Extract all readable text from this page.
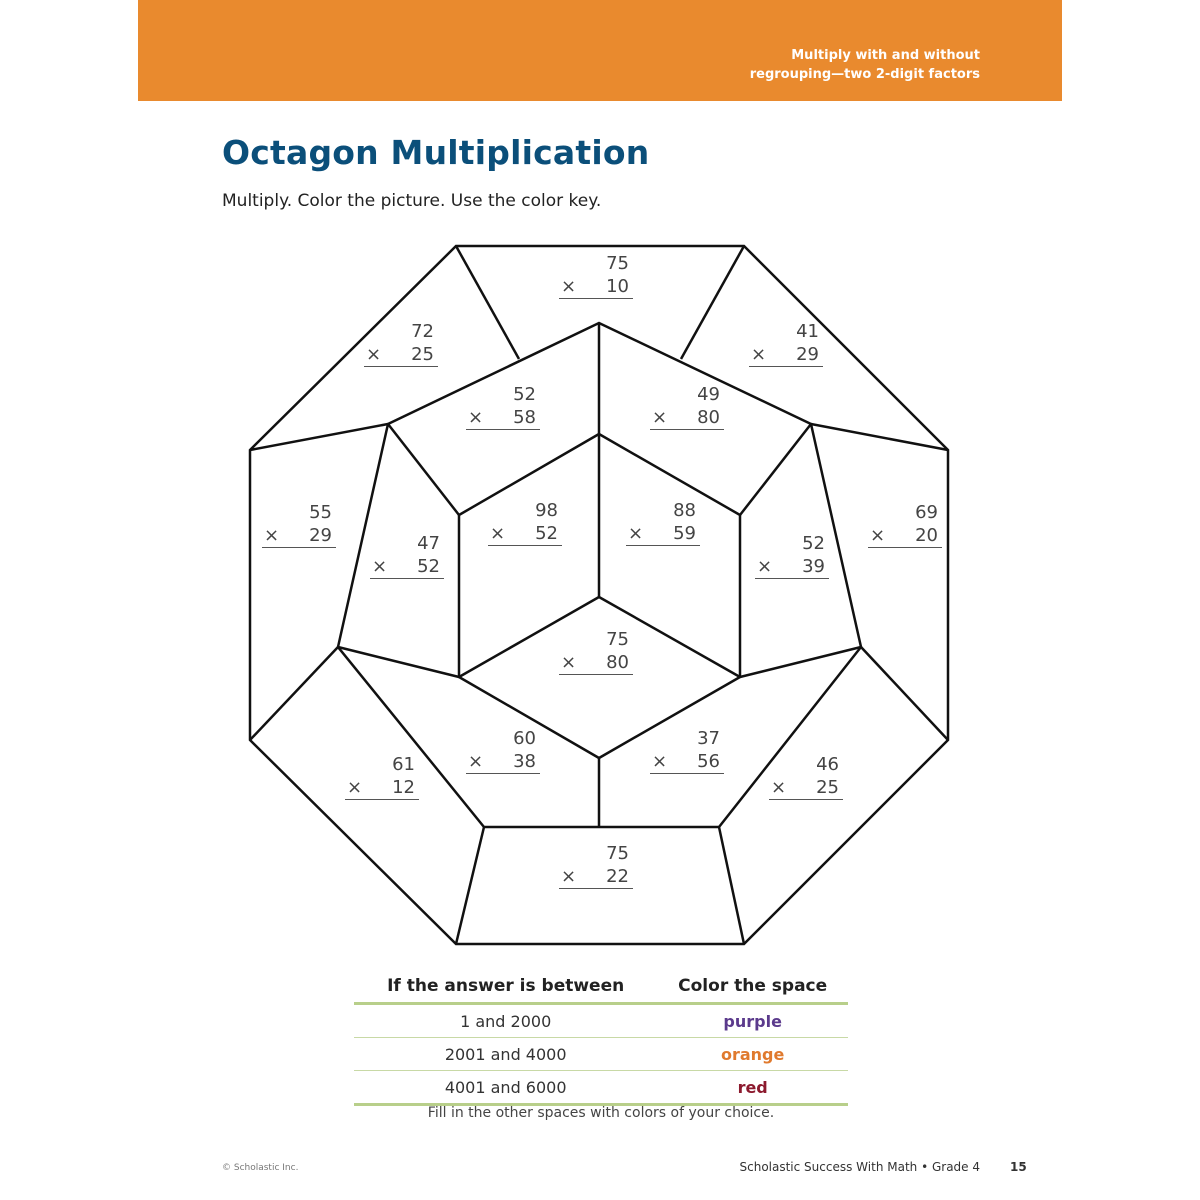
Multiply with and without
regrouping—two 2-digit factors
Octagon Multiplication
Multiply. Color the picture. Use the color key.
75
× 10
72
× 25
41
× 29
52
× 58
49
× 80
55
× 29	47
× 52
98
× 52
88
× 59	52
× 39
69
× 20
75
× 80
60
× 38
37
× 56
61
× 12
46
× 25
75
× 22
If the answer is between	Color the space
1 and 2000	purple
2001 and 4000	orange
4001 and 6000	red
Fill in the other spaces with colors of your choice.
© Scholastic Inc.	Scholastic Success With Math • Grade 4	15
